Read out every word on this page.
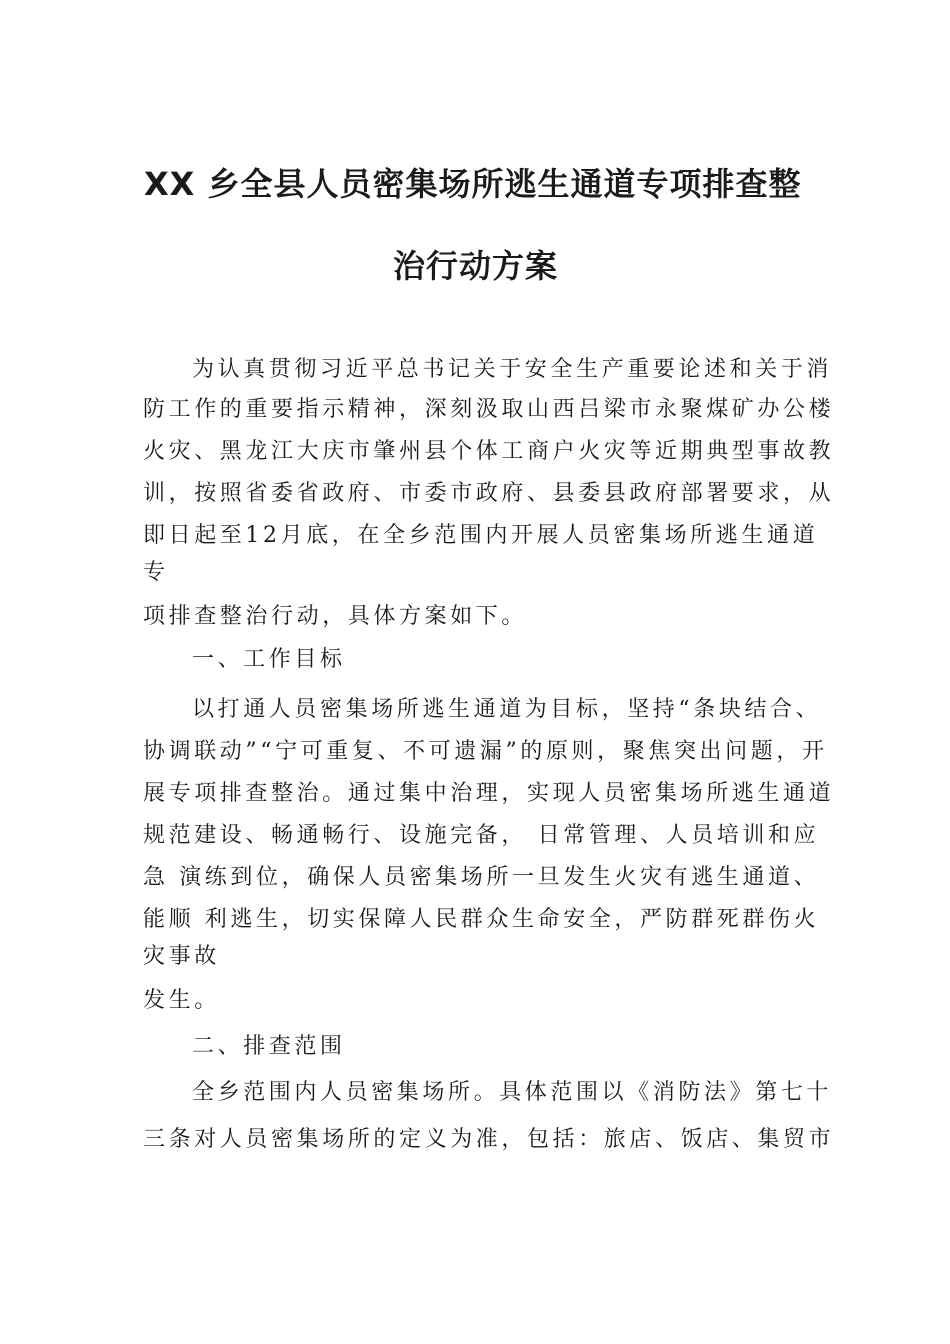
XX 乡全县人员密集场所逃生通道专项排查整
治行动方案
为认真贯彻习近平总书记关于安全生产重要论述和关于消
防工作的重要指示精神，深刻汲取山西吕梁市永聚煤矿办公楼
火灾、黑龙江大庆市肇州县个体工商户火灾等近期典型事故教
训，按照省委省政府、市委市政府、县委县政府部署要求，从
即日起至12月底，在全乡范围内开展人员密集场所逃生通道
专
项排查整治行动，具体方案如下。
一、工作目标
以打通人员密集场所逃生通道为目标，坚持“条块结合、
协调联动”“宁可重复、不可遗漏”的原则，聚焦突出问题，开
展专项排查整治。通过集中治理，实现人员密集场所逃生通道
规范建设、畅通畅行、设施完备， 日常管理、人员培训和应
急 演练到位，确保人员密集场所一旦发生火灾有逃生通道、
能顺 利逃生，切实保障人民群众生命安全，严防群死群伤火
灾事故
发生。
二、排查范围
全乡范围内人员密集场所。具体范围以《消防法》第七十
三条对人员密集场所的定义为准，包括：旅店、饭店、集贸市
